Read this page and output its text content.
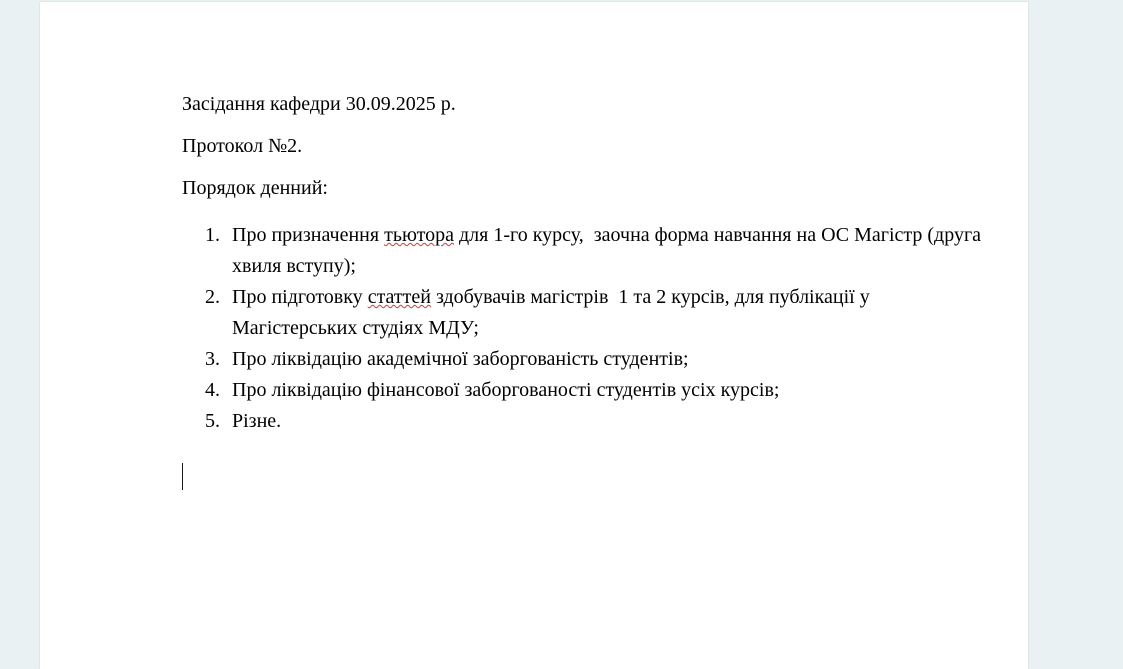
Засідання кафедри 30.09.2025 р.

Протокол №2.

Порядок денний:

1. Про призначення тьютора для 1-го курсу,  заочна форма навчання на ОС Магістр (друга хвиля вступу);
2. Про підготовку статтей здобувачів магістрів  1 та 2 курсів, для публікації у Магістерських студіях МДУ;
3. Про ліквідацію академічної заборгованість студентів;
4. Про ліквідацію фінансової заборгованості студентів усіх курсів;
5. Різне.
